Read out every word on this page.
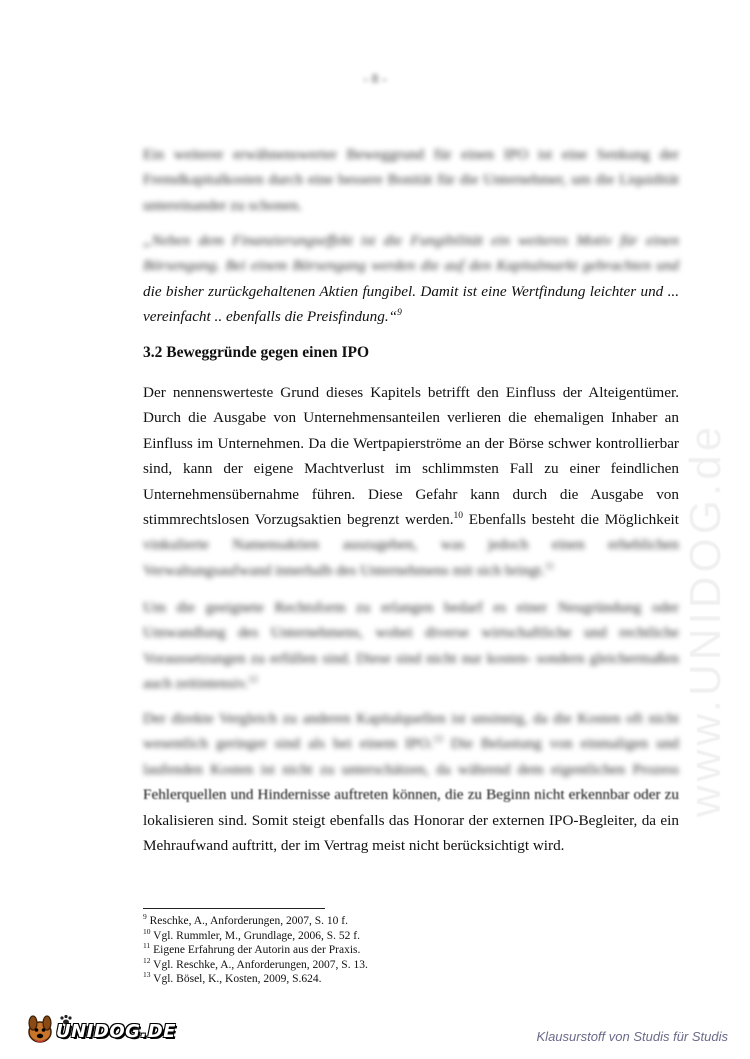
- 8 -

Ein weiterer erwähnenswerter Beweggrund für einen IPO ist eine Senkung der Fremdkapitalkosten durch eine bessere Bonität für die Unternehmer, um die Liquidität untereinander zu schonen.

„Neben dem Finanzierungseffekt ist die Fungibilität ein weiteres Motiv für einen Börsengang. Bei einem Börsengang werden die auf den Kapitalmarkt gebrachten und die bisher zurückgehaltenen Aktien fungibel. Damit ist eine Wertfindung leichter und ... vereinfacht .. ebenfalls die Preisfindung.“$^9$

3.2 Beweggründe gegen einen IPO

Der nennenswerteste Grund dieses Kapitels betrifft den Einfluss der Alteigentümer. Durch die Ausgabe von Unternehmensanteilen verlieren die ehemaligen Inhaber an Einfluss im Unternehmen. Da die Wertpapierströme an der Börse schwer kontrollierbar sind, kann der eigene Machtverlust im schlimmsten Fall zu einer feindlichen Unternehmensübernahme führen. Diese Gefahr kann durch die Ausgabe von stimmrechtslosen Vorzugsaktien begrenzt werden.$^{10}$ Ebenfalls besteht die Möglichkeit vinkulierte Namensaktien auszugeben, was jedoch einen erheblichen Verwaltungsaufwand innerhalb des Unternehmens mit sich bringt.$^{11}$

Um die geeignete Rechtsform zu erlangen bedarf es einer Neugründung oder Umwandlung des Unternehmens, wobei diverse wirtschaftliche und rechtliche Voraussetzungen zu erfüllen sind. Diese sind nicht nur kosten- sondern gleichermaßen auch zeitintensiv.$^{12}$

Der direkte Vergleich zu anderen Kapitalquellen ist unsinnig, da die Kosten oft nicht wesentlich geringer sind als bei einem IPO.$^{13}$ Die Belastung von einmaligen und laufenden Kosten ist nicht zu unterschätzen, da während dem eigentlichen Prozess Fehlerquellen und Hindernisse auftreten können, die zu Beginn nicht erkennbar oder zu lokalisieren sind. Somit steigt ebenfalls das Honorar der externen IPO-Begleiter, da ein Mehraufwand auftritt, der im Vertrag meist nicht berücksichtigt wird.

$^9$ Reschke, A., Anforderungen, 2007, S. 10 f.
$^{10}$ Vgl. Rummler, M., Grundlage, 2006, S. 52 f.
$^{11}$ Eigene Erfahrung der Autorin aus der Praxis.
$^{12}$ Vgl. Reschke, A., Anforderungen, 2007, S. 13.
$^{13}$ Vgl. Bösel, K., Kosten, 2009, S.624.
www.UNIDOG.de
UNIDOG.DE	Klausurstoff von Studis für Studis
